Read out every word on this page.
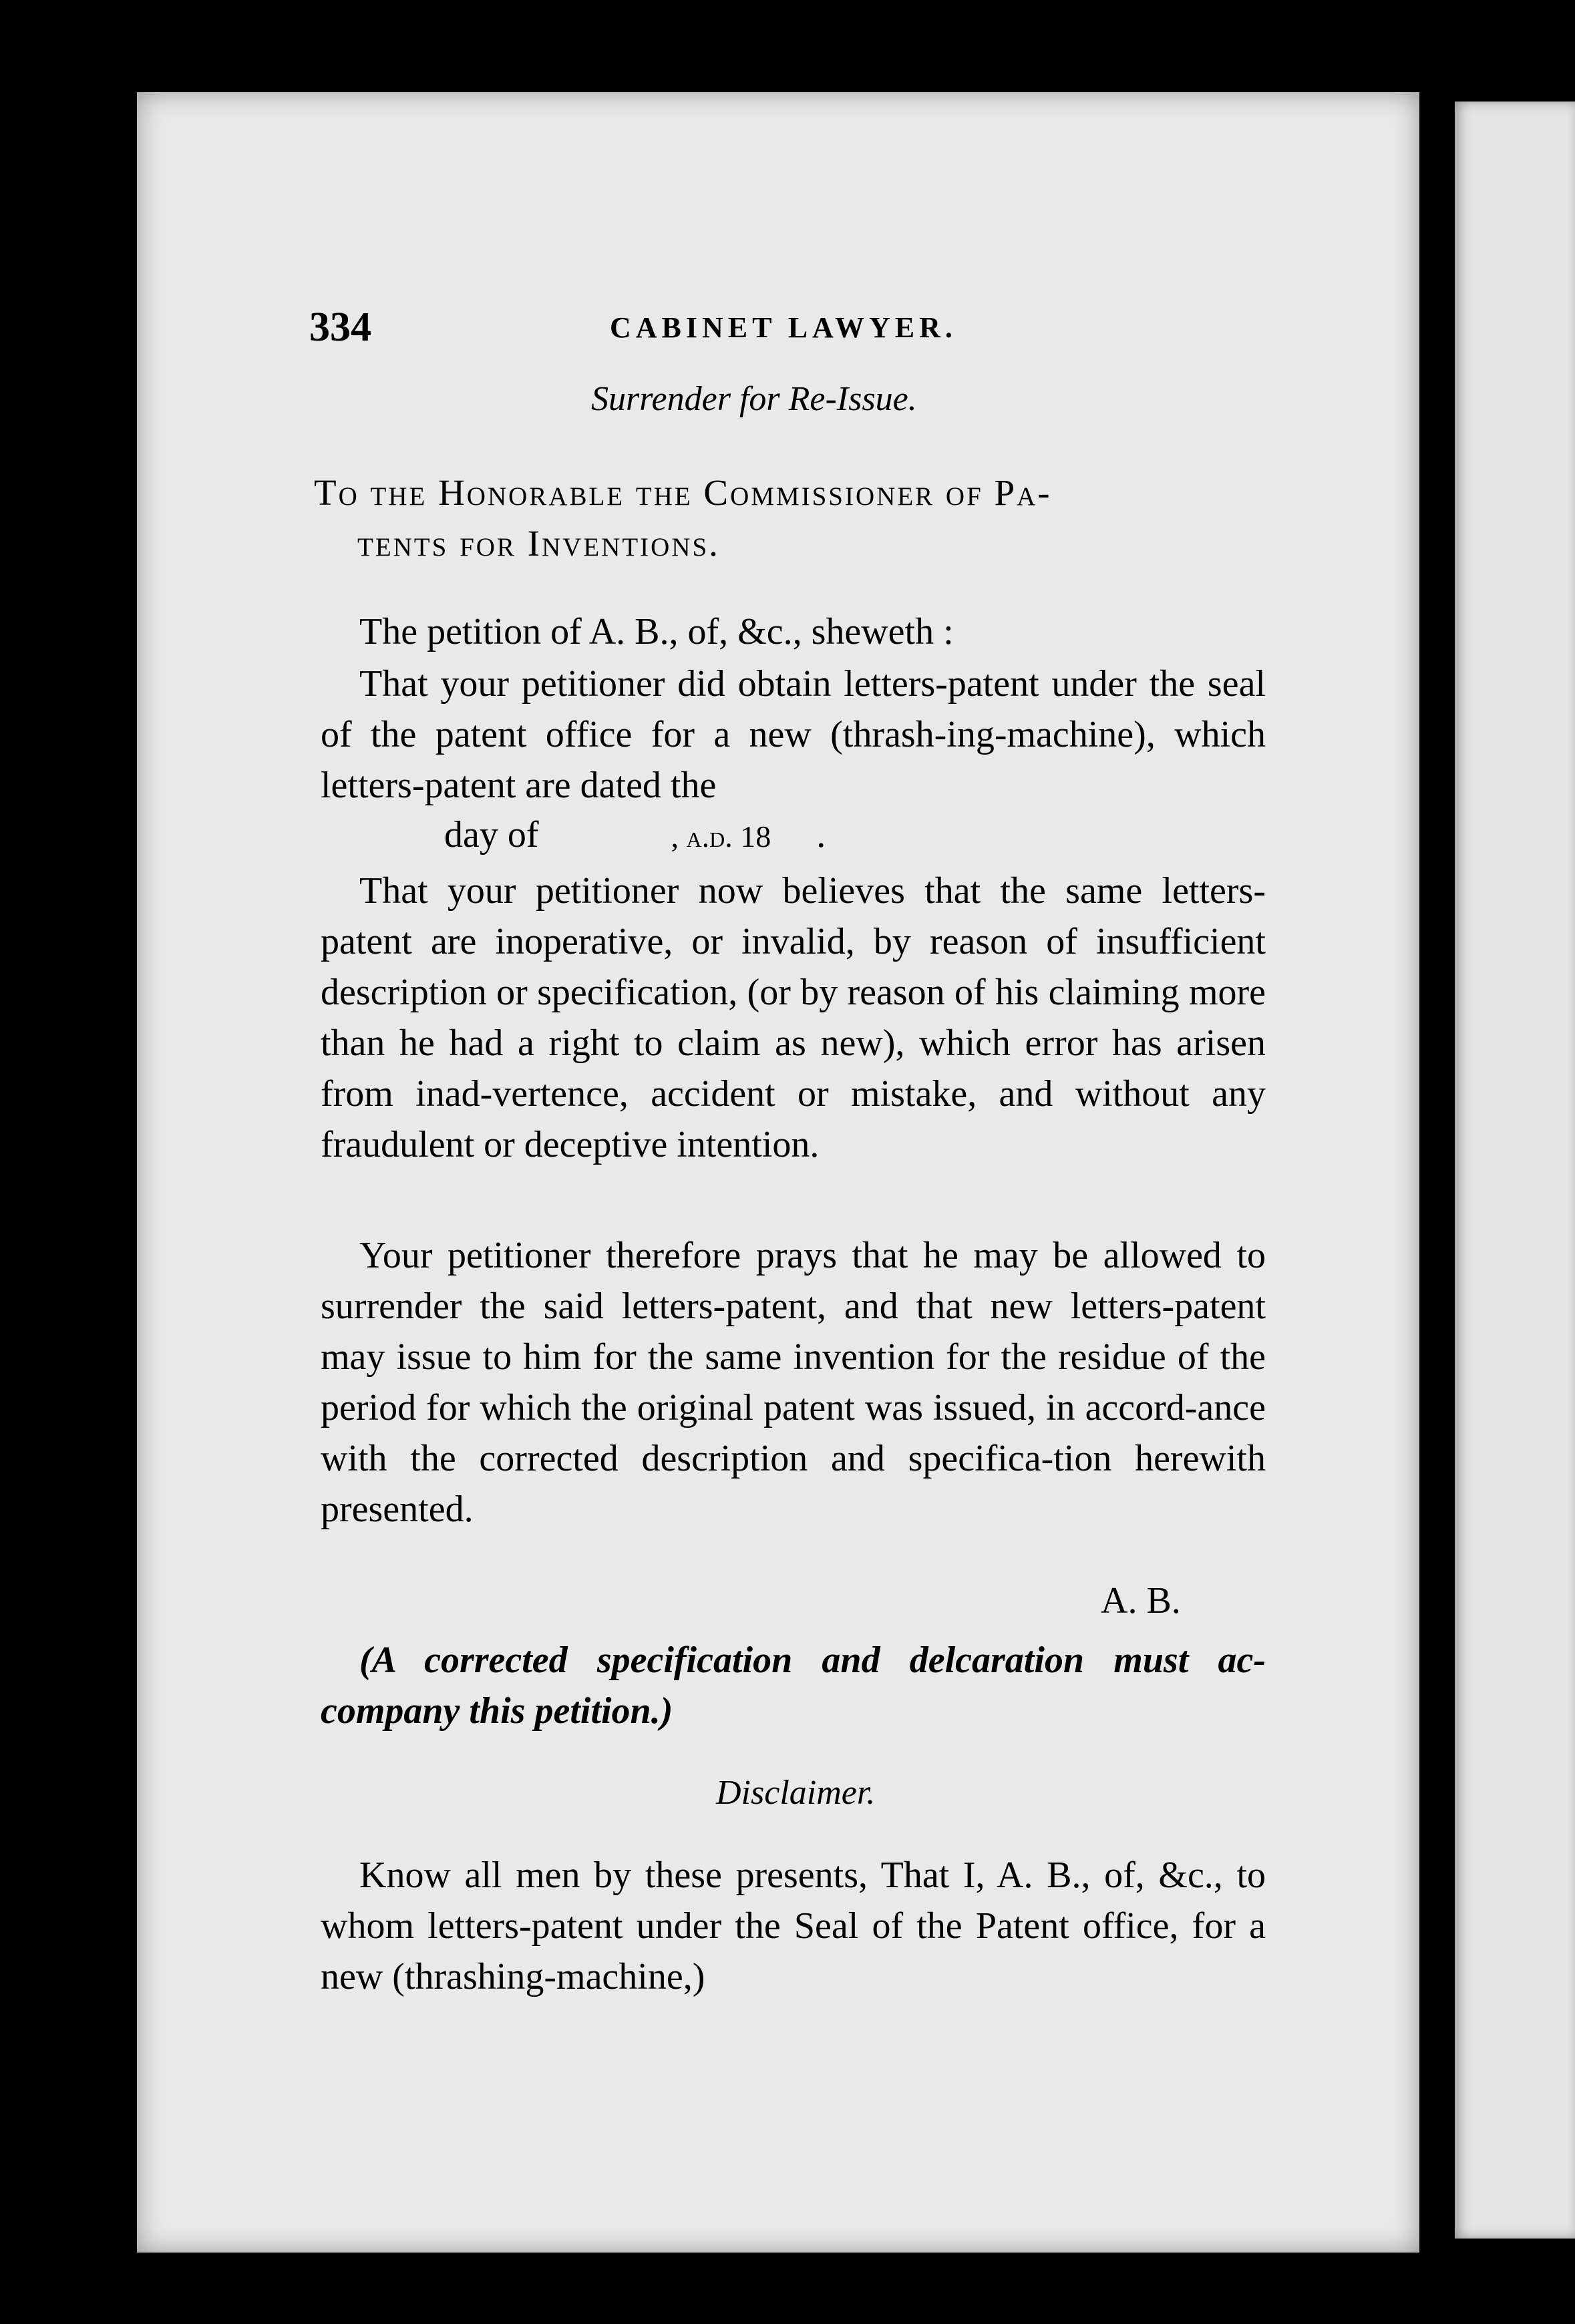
334	CABINET LAWYER.
Surrender for Re-Issue.
To the Honorable the Commissioner of Pa-
tents for Inventions.
The petition of A. B., of, &c., sheweth :
That your petitioner did obtain letters-patent under the seal of the patent office for a new (thrash-ing-machine), which letters-patent are dated the
day of	, a.d. 18 .
That your petitioner now believes that the same letters-patent are inoperative, or invalid, by reason of insufficient description or specification, (or by reason of his claiming more than he had a right to claim as new), which error has arisen from inad-vertence, accident or mistake, and without any fraudulent or deceptive intention.
Your petitioner therefore prays that he may be allowed to surrender the said letters-patent, and that new letters-patent may issue to him for the same invention for the residue of the period for which the original patent was issued, in accord-ance with the corrected description and specifica-tion herewith presented.
A. B.
(A corrected specification and delcaration must ac-company this petition.)
Disclaimer.
Know all men by these presents, That I, A. B., of, &c., to whom letters-patent under the Seal of the Patent office, for a new (thrashing-machine,)
